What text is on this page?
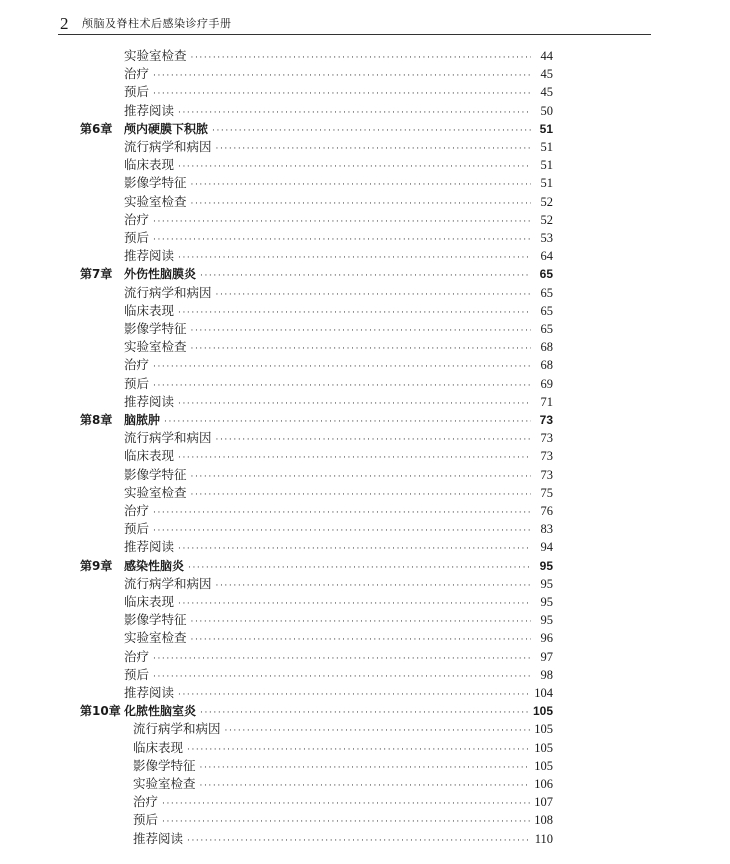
2 颅脑及脊柱术后感染诊疗手册
实验室检查 ·····	44
治疗 ·····	45
预后 ·····	45
推荐阅读 ·····	50
第6章 颅内硬膜下积脓 ·····	51
流行病学和病因 ·····	51
临床表现 ·····	51
影像学特征 ·····	51
实验室检查 ·····	52
治疗 ·····	52
预后 ·····	53
推荐阅读 ·····	64
第7章 外伤性脑膜炎 ·····	65
流行病学和病因 ·····	65
临床表现 ·····	65
影像学特征 ·····	65
实验室检查 ·····	68
治疗 ·····	68
预后 ·····	69
推荐阅读 ·····	71
第8章 脑脓肿 ·····	73
流行病学和病因 ·····	73
临床表现 ·····	73
影像学特征 ·····	73
实验室检查 ·····	75
治疗 ·····	76
预后 ·····	83
推荐阅读 ·····	94
第9章 感染性脑炎 ·····	95
流行病学和病因 ·····	95
临床表现 ·····	95
影像学特征 ·····	95
实验室检查 ·····	96
治疗 ·····	97
预后 ·····	98
推荐阅读 ·····	104
第10章 化脓性脑室炎 ·····	105
流行病学和病因 ·····	105
临床表现 ·····	105
影像学特征 ·····	105
实验室检查 ·····	106
治疗 ·····	107
预后 ·····	108
推荐阅读 ·····	110
